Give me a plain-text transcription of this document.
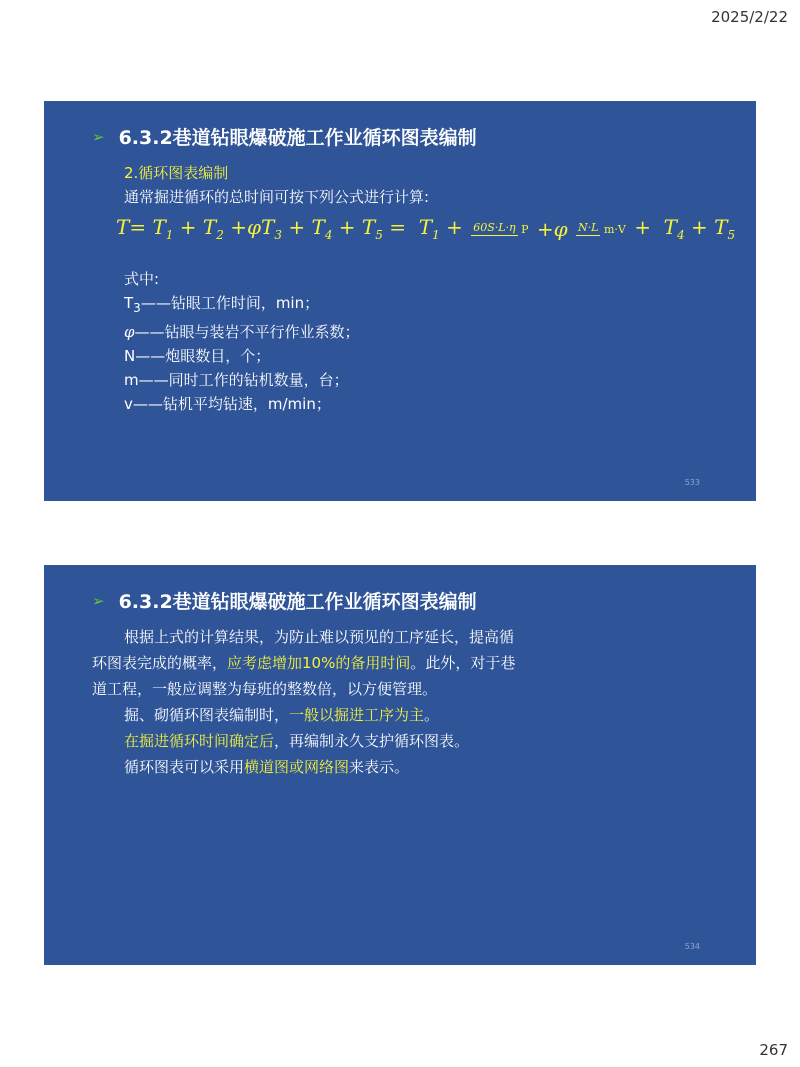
2025/2/22
➢ 6.3.2巷道钻眼爆破施工作业循环图表编制
2.循环图表编制
通常掘进循环的总时间可按下列公式进行计算:
$T= T_1 + T_2 +\varphi T_3 + T_4 + T_5 = T_1 + 60S\cdot L\cdot\eta$ P +φ N·L $m\cdot V + T_4 + T_5$
式中:
$T_3——$钻眼工作时间，min；
φ——钻眼与装岩不平行作业系数；
N——炮眼数目，个；
m——同时工作的钻机数量，台；
v——钻机平均钻速，m/min；
533
➢ 6.3.2巷道钻眼爆破施工作业循环图表编制
根据上式的计算结果，为防止难以预见的工序延长，提高循
环图表完成的概率，应考虑增加10%的备用时间。此外，对于巷
道工程，一般应调整为每班的整数倍，以方便管理。
掘、砌循环图表编制时，一般以掘进工序为主。
在掘进循环时间确定后，再编制永久支护循环图表。
循环图表可以采用横道图或网络图来表示。
534
267
